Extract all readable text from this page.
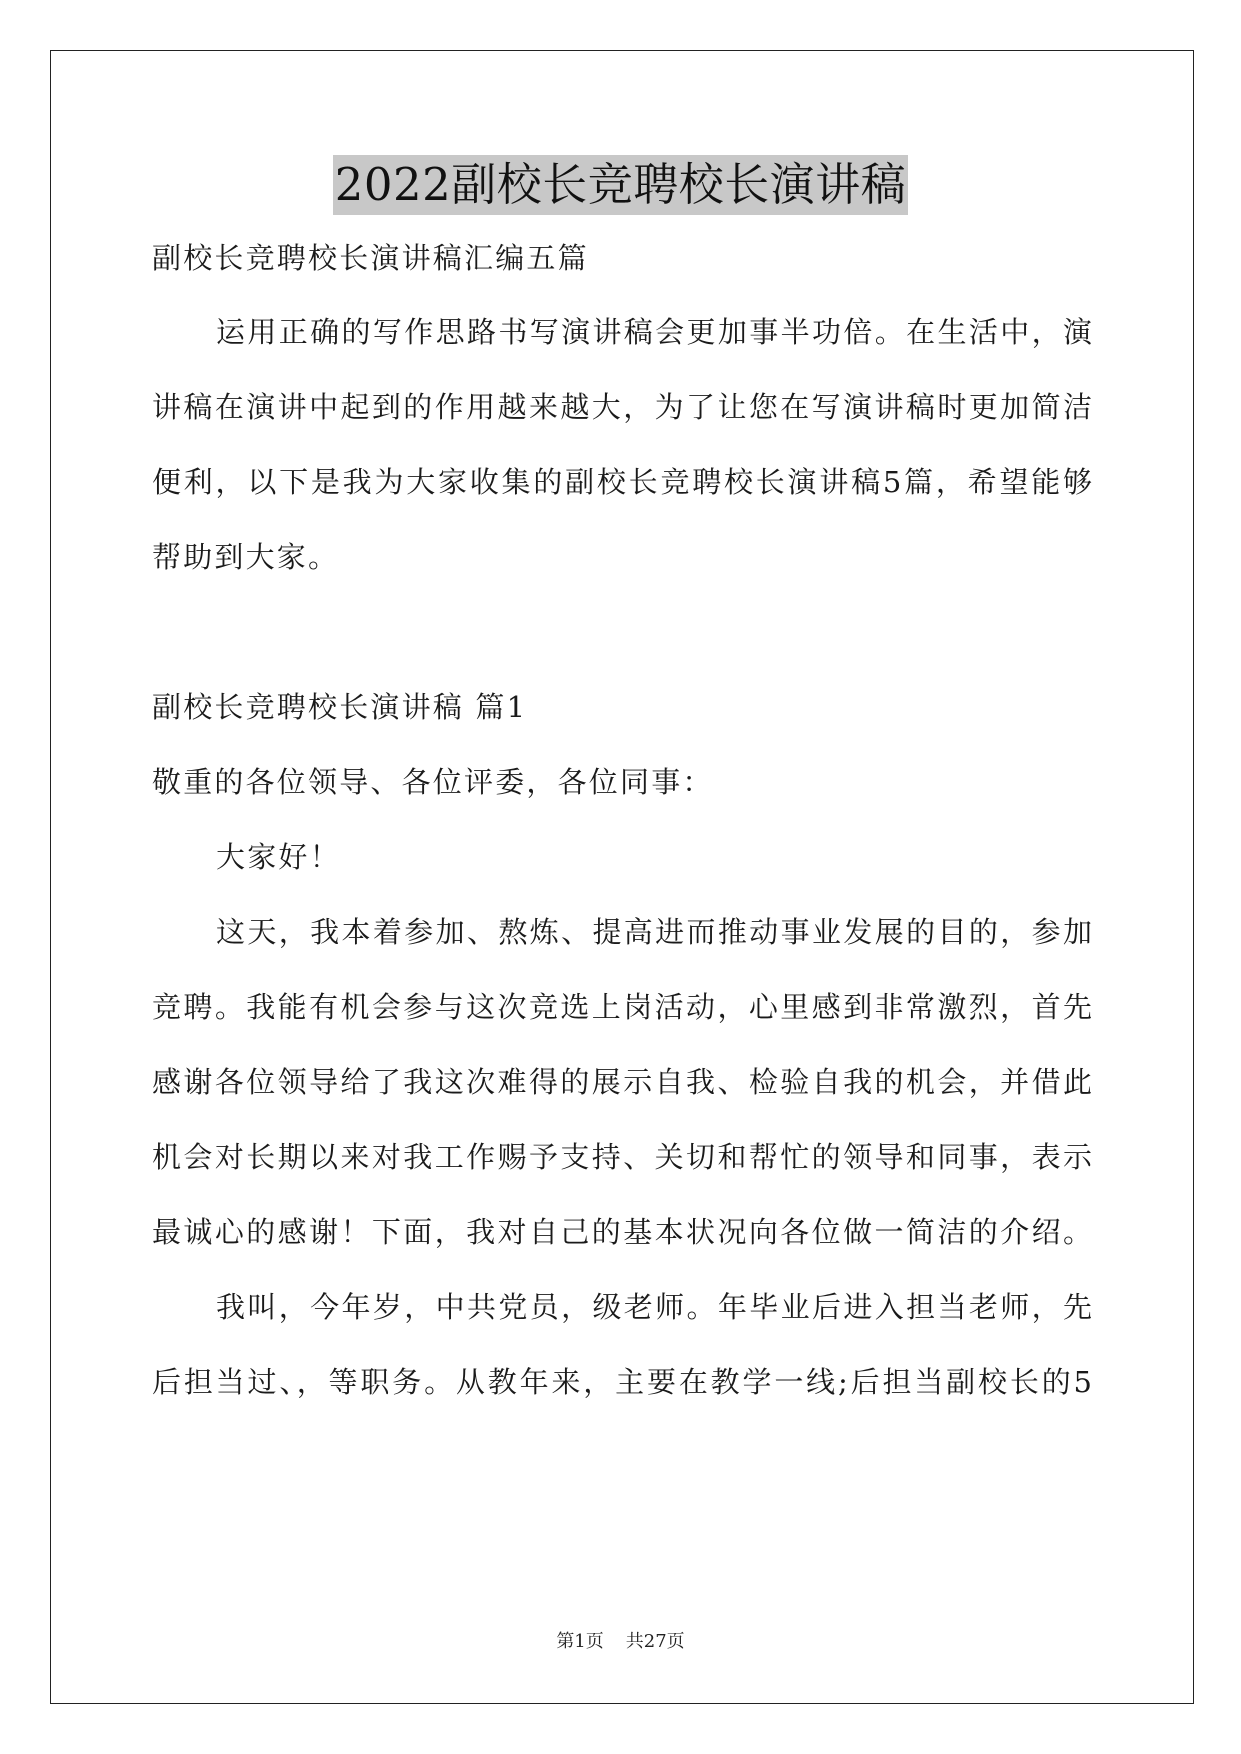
2022副校长竞聘校长演讲稿
副校长竞聘校长演讲稿汇编五篇
运用正确的写作思路书写演讲稿会更加事半功倍。在生活中，演
讲稿在演讲中起到的作用越来越大，为了让您在写演讲稿时更加简洁
便利，以下是我为大家收集的副校长竞聘校长演讲稿5篇，希望能够
帮助到大家。
副校长竞聘校长演讲稿 篇1
敬重的各位领导、各位评委，各位同事：
大家好！
这天，我本着参加、熬炼、提高进而推动事业发展的目的，参加
竞聘。我能有机会参与这次竞选上岗活动，心里感到非常激烈，首先
感谢各位领导给了我这次难得的展示自我、检验自我的机会，并借此
机会对长期以来对我工作赐予支持、关切和帮忙的领导和同事，表示
最诚心的感谢！下面，我对自己的基本状况向各位做一简洁的介绍。
我叫，今年岁，中共党员，级老师。年毕业后进入担当老师，先
后担当过、，等职务。从教年来，主要在教学一线;后担当副校长的5
第1页 共27页
